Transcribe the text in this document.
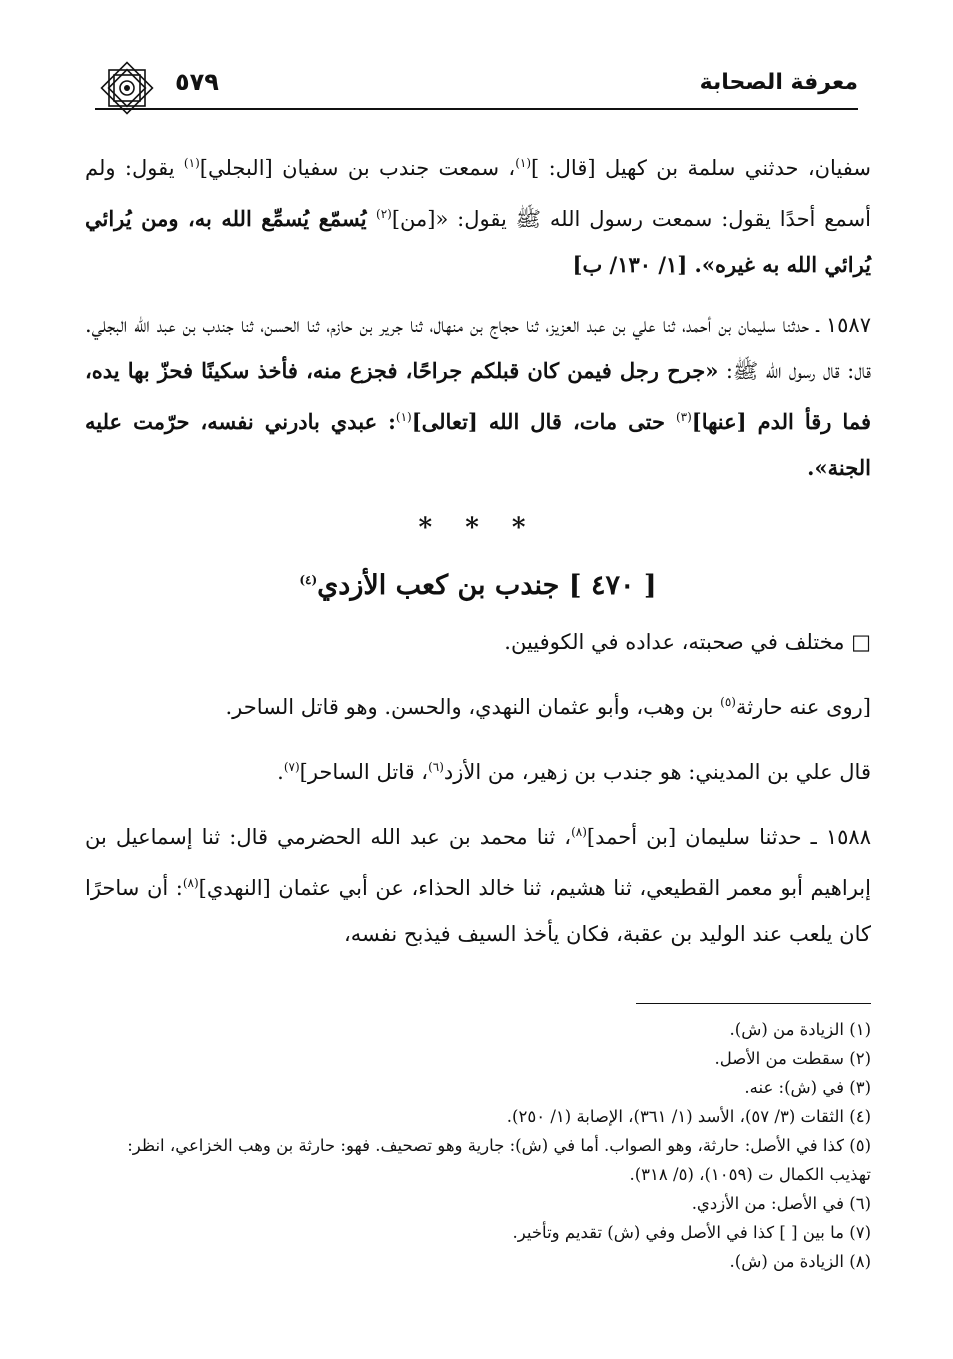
معرفة الصحابة
٥٧٩

سفيان، حدثني سلمة بن كهيل [قال: ]$^{(١)}$، سمعت جندب بن سفيان [البجلي]$^{(١)}$ يقول: ولم أسمع أحدًا يقول: سمعت رسول الله ﷺ يقول: «[من]$^{(٢)}$ يُسمّع يُسمِّع الله به، ومن يُرائي يُرائي الله به غيره». [١/ ١٣٠/ ب]

١٥٨٧ ـ حدثنا سليمان بن أحمد، ثنا علي بن عبد العزيز، ثنا حجاج بن منهال، ثنا جرير بن حازم، ثنا الحسن، ثنا جندب بن عبد الله البجلي. قال: قال رسول الله ﷺ: «جرح رجل فيمن كان قبلكم جراحًا، فجزع منه، فأخذ سكينًا فحزّ بها يده، فما رقأ الدم [عنها]$^{(٣)}$ حتى مات، قال الله [تعالى]$^{(١)}$: عبدي بادرني نفسه، حرّمت عليه الجنة».

* * *
[ ٤٧٠ ] جندب بن كعب الأزدي$^{(٤)}$

□ مختلف في صحبته، عداده في الكوفيين.

[روى عنه حارثة$^{(٥)}$ بن وهب، وأبو عثمان النهدي، والحسن. وهو قاتل الساحر.

قال علي بن المديني: هو جندب بن زهير، من الأزد$^{(٦)}$، قاتل الساحر]$^{(٧)}$.

١٥٨٨ ـ حدثنا سليمان [بن أحمد]$^{(٨)}$، ثنا محمد بن عبد الله الحضرمي قال: ثنا إسماعيل بن إبراهيم أبو معمر القطيعي، ثنا هشيم، ثنا خالد الحذاء، عن أبي عثمان [النهدي]$^{(٨)}$: أن ساحرًا كان يلعب عند الوليد بن عقبة، فكان يأخذ السيف فيذبح نفسه،

(١) الزيادة من (ش).
(٢) سقطت من الأصل.
(٣) في (ش): عنه.
(٤) الثقات (٣/ ٥٧)، الأسد (١/ ٣٦١)، الإصابة (١/ ٢٥٠).
(٥) كذا في الأصل: حارثة، وهو الصواب. أما في (ش): جارية وهو تصحيف. فهو: حارثة بن وهب الخزاعي، انظر: تهذيب الكمال ت (١٠٥٩)، (٥/ ٣١٨).
(٦) في الأصل: من الأزدي.
(٧) ما بين [ ] كذا في الأصل وفي (ش) تقديم وتأخير.
(٨) الزيادة من (ش).
